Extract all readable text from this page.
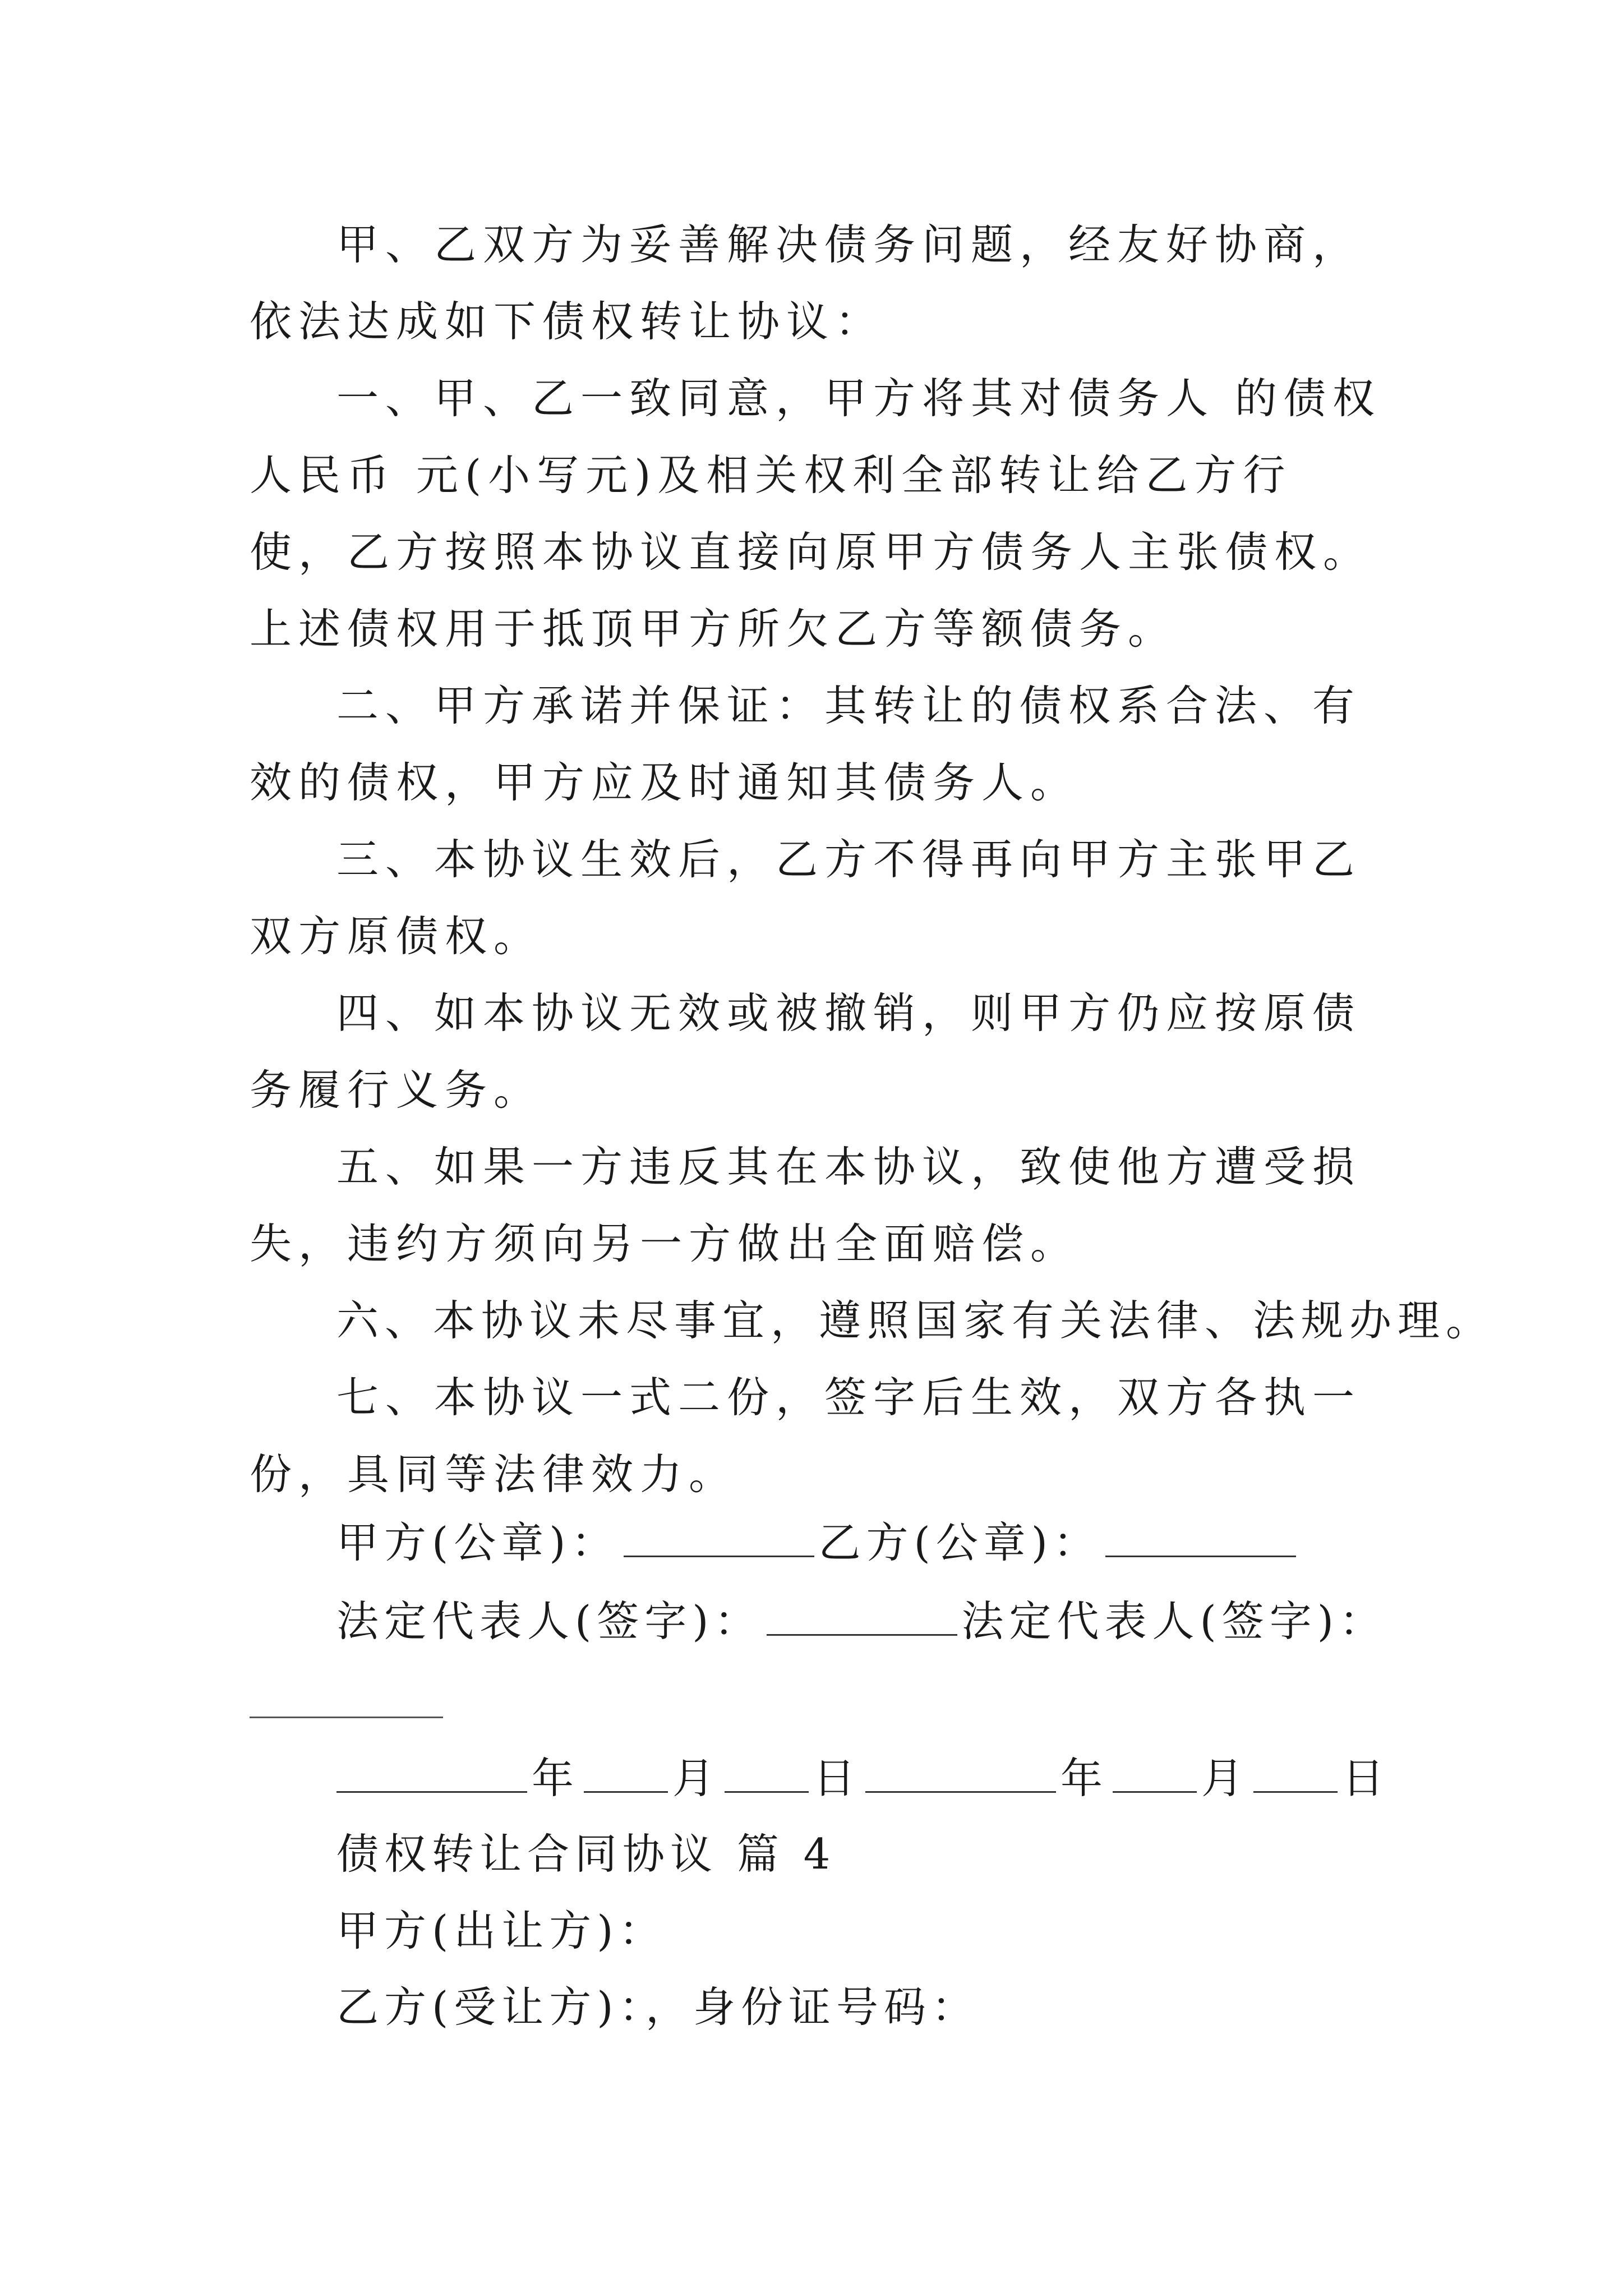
甲、乙双方为妥善解决债务问题，经友好协商，依法达成如下债权转让协议：

一、甲、乙一致同意，甲方将其对债务人 的债权人民币 元(小写元)及相关权利全部转让给乙方行使，乙方按照本协议直接向原甲方债务人主张债权。上述债权用于抵顶甲方所欠乙方等额债务。

二、甲方承诺并保证：其转让的债权系合法、有效的债权，甲方应及时通知其债务人。

三、本协议生效后，乙方不得再向甲方主张甲乙双方原债权。

四、如本协议无效或被撤销，则甲方仍应按原债务履行义务。

五、如果一方违反其在本协议，致使他方遭受损失，违约方须向另一方做出全面赔偿。

六、本协议未尽事宜，遵照国家有关法律、法规办理。

七、本协议一式二份，签字后生效，双方各执一份，具同等法律效力。

甲方(公章)：	乙方(公章)：
法定代表人(签字)：	法定代表人(签字)：
年 月 日	年 月 日
债权转让合同协议 篇 4
甲方(出让方)：
乙方(受让方)：，身份证号码：
